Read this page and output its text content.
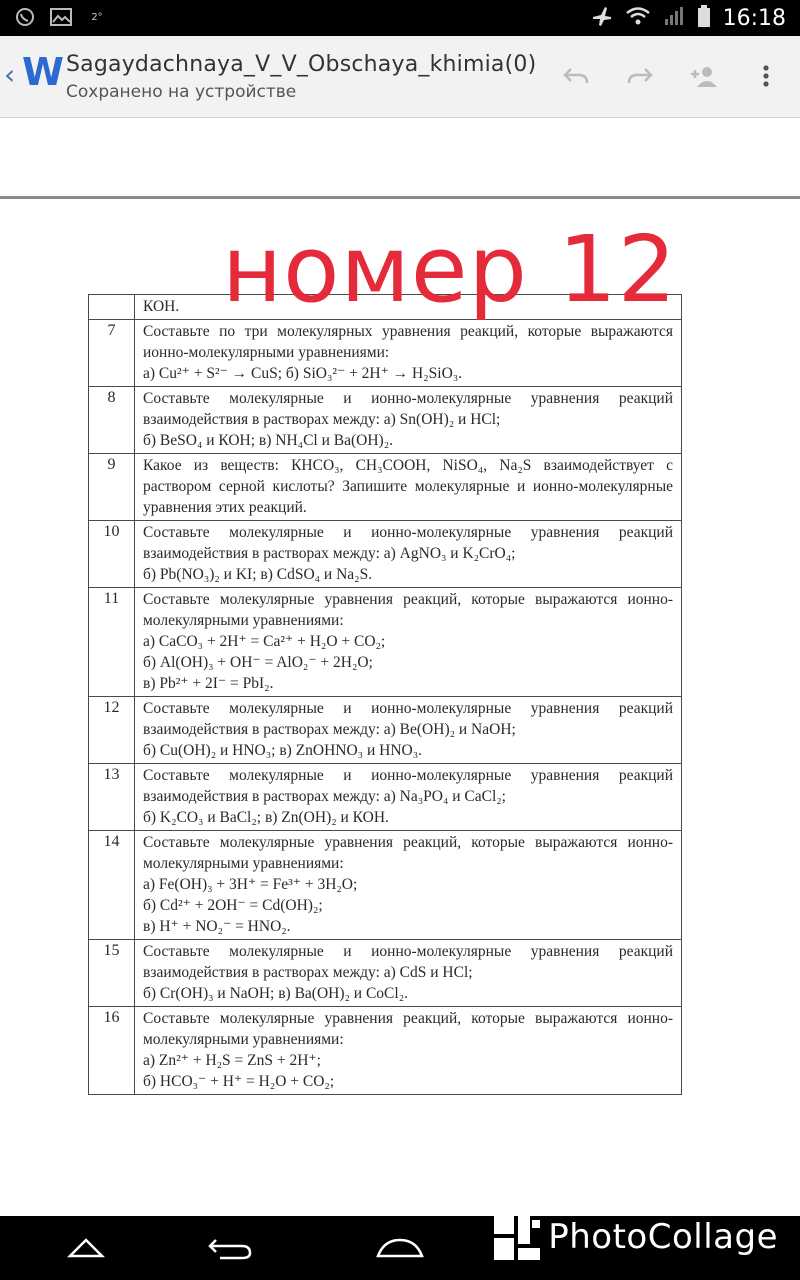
2°	16:18
‹ W Sagaydachnaya_V_V_Obschaya_khimia(0)
Сохранено на устройстве
номер 12

	КОН.

7	Составьте по три молекулярных уравнения реакций, которые выражаются ионно-молекулярными уравнениями:
а) Cu²⁺ + S²⁻ → CuS; б) SiO₃²⁻ + 2H⁺ → H₂SiO₃.

8	Составьте молекулярные и ионно-молекулярные уравнения реакций взаимодействия в растворах между: а) Sn(OH)₂ и HCl;
б) BeSO₄ и КОН; в) NH₄Cl и Ba(OH)₂.

9	Какое из веществ: КНСО₃, CH₃COOH, NiSO₄, Na₂S взаимодействует с раствором серной кислоты? Запишите молекулярные и ионно-молекулярные уравнения этих реакций.

10	Составьте молекулярные и ионно-молекулярные уравнения реакций взаимодействия в растворах между: а) AgNO₃ и K₂CrO₄;
б) Pb(NO₃)₂ и KI; в) CdSO₄ и Na₂S.

11	Составьте молекулярные уравнения реакций, которые выражаются ионно-молекулярными уравнениями:
а) CaCO₃ + 2H⁺ = Ca²⁺ + H₂O + CO₂;
б) Al(OH)₃ + OH⁻ = AlO₂⁻ + 2H₂O;
в) Pb²⁺ + 2I⁻ = PbI₂.

12	Составьте молекулярные и ионно-молекулярные уравнения реакций взаимодействия в растворах между: а) Be(OH)₂ и NaOH;
б) Cu(OH)₂ и HNO₃; в) ZnOHNO₃ и HNO₃.

13	Составьте молекулярные и ионно-молекулярные уравнения реакций взаимодействия в растворах между: а) Na₃PO₄ и CaCl₂;
б) K₂CO₃ и BaCl₂; в) Zn(OH)₂ и КОН.

14	Составьте молекулярные уравнения реакций, которые выражаются ионно-молекулярными уравнениями:
а) Fe(OH)₃ + 3H⁺ = Fe³⁺ + 3H₂O;
б) Cd²⁺ + 2OH⁻ = Cd(OH)₂;
в) H⁺ + NO₂⁻ = HNO₂.

15	Составьте молекулярные и ионно-молекулярные уравнения реакций взаимодействия в растворах между: а) CdS и HCl;
б) Cr(OH)₃ и NaOH; в) Ba(OH)₂ и CoCl₂.

16	Составьте молекулярные уравнения реакций, которые выражаются ионно-молекулярными уравнениями:
а) Zn²⁺ + H₂S = ZnS + 2H⁺;
б) HCO₃⁻ + H⁺ = H₂O + CO₂;
PhotoCollage
